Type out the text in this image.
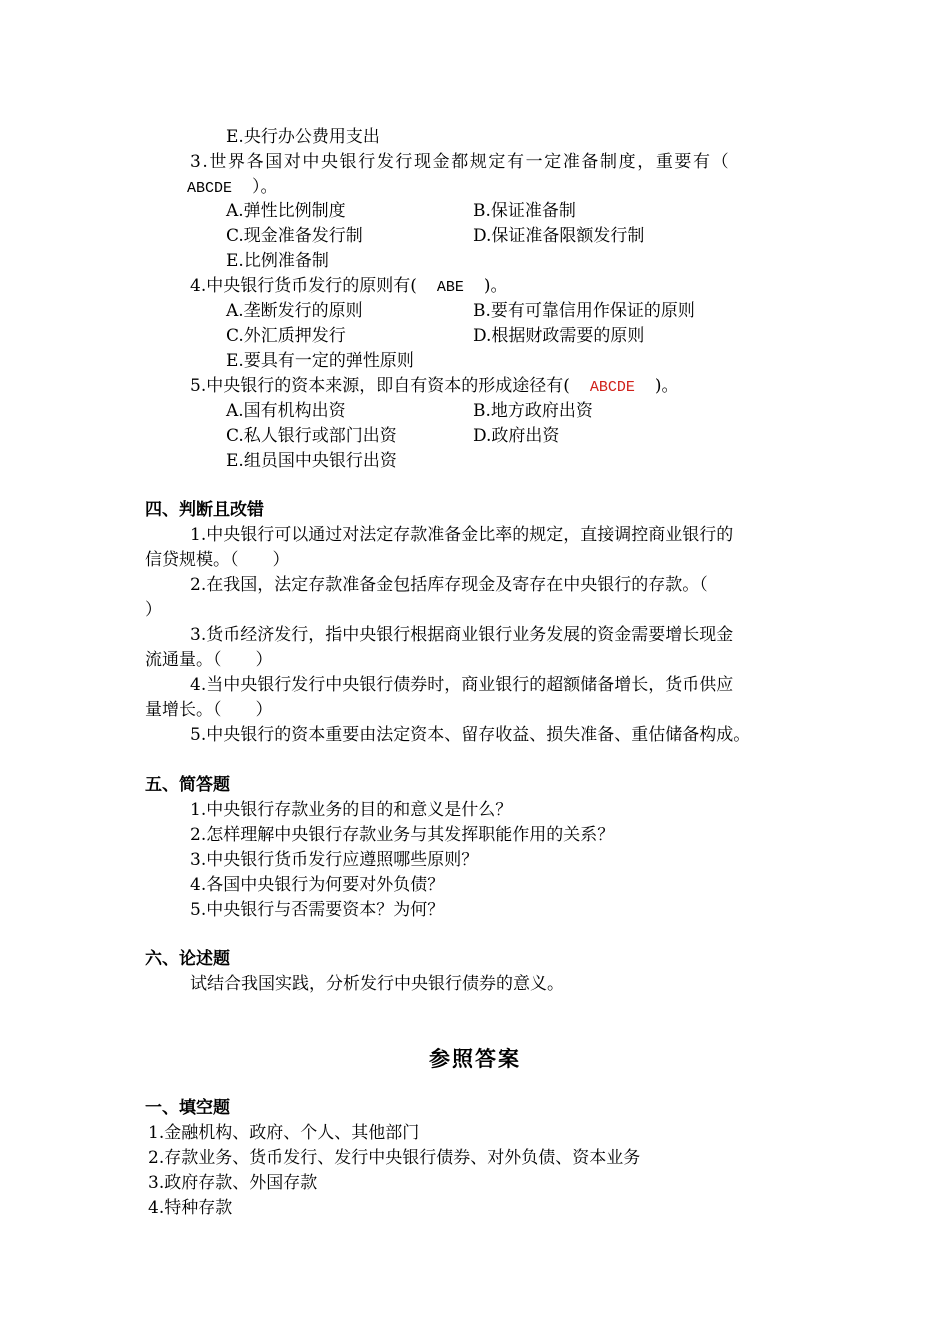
E.央行办公费用支出
3.世界各国对中央银行发行现金都规定有一定准备制度，重要有（
ABCDE ）。
A.弹性比例制度	B.保证准备制
C.现金准备发行制	D.保证准备限额发行制
E.比例准备制
4.中央银行货币发行的原则有( ABE )。
A.垄断发行的原则	B.要有可靠信用作保证的原则
C.外汇质押发行	D.根据财政需要的原则
E.要具有一定的弹性原则
5.中央银行的资本来源，即自有资本的形成途径有( ABCDE )。
A.国有机构出资	B.地方政府出资
C.私人银行或部门出资	D.政府出资
E.组员国中央银行出资
四、判断且改错
1.中央银行可以通过对法定存款准备金比率的规定，直接调控商业银行的
信贷规模。（　　）
2.在我国，法定存款准备金包括库存现金及寄存在中央银行的存款。（
）
3.货币经济发行，指中央银行根据商业银行业务发展的资金需要增长现金
流通量。（　　）
4.当中央银行发行中央银行债券时，商业银行的超额储备增长，货币供应
量增长。（　　）
5.中央银行的资本重要由法定资本、留存收益、损失准备、重估储备构成。
五、简答题
1.中央银行存款业务的目的和意义是什么？
2.怎样理解中央银行存款业务与其发挥职能作用的关系？
3.中央银行货币发行应遵照哪些原则？
4.各国中央银行为何要对外负债？
5.中央银行与否需要资本？为何？
六、论述题
试结合我国实践，分析发行中央银行债券的意义。
参照答案
一、填空题
1.金融机构、政府、个人、其他部门
2.存款业务、货币发行、发行中央银行债券、对外负债、资本业务
3.政府存款、外国存款
4.特种存款
